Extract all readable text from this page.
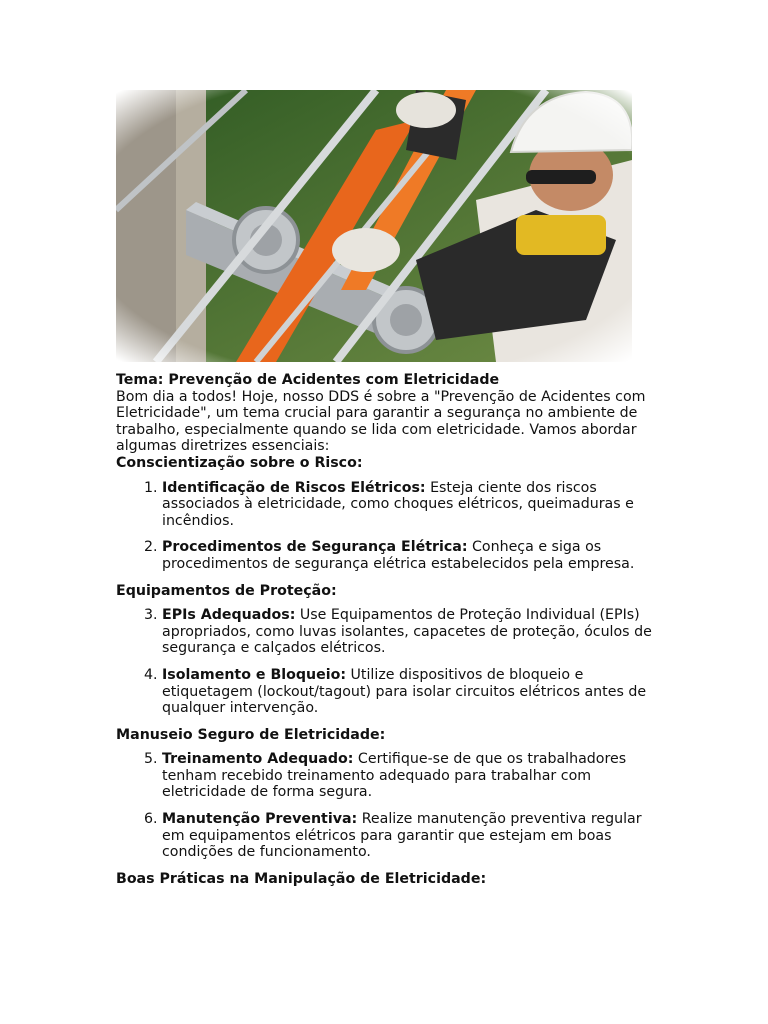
Tema: Prevenção de Acidentes com Eletricidade

Bom dia a todos! Hoje, nosso DDS é sobre a "Prevenção de Acidentes com Eletricidade", um tema crucial para garantir a segurança no ambiente de trabalho, especialmente quando se lida com eletricidade. Vamos abordar algumas diretrizes essenciais:

Conscientização sobre o Risco:

1. Identificação de Riscos Elétricos: Esteja ciente dos riscos associados à eletricidade, como choques elétricos, queimaduras e incêndios.
2. Procedimentos de Segurança Elétrica: Conheça e siga os procedimentos de segurança elétrica estabelecidos pela empresa.

Equipamentos de Proteção:

3. EPIs Adequados: Use Equipamentos de Proteção Individual (EPIs) apropriados, como luvas isolantes, capacetes de proteção, óculos de segurança e calçados elétricos.
4. Isolamento e Bloqueio: Utilize dispositivos de bloqueio e etiquetagem (lockout/tagout) para isolar circuitos elétricos antes de qualquer intervenção.

Manuseio Seguro de Eletricidade:

5. Treinamento Adequado: Certifique-se de que os trabalhadores tenham recebido treinamento adequado para trabalhar com eletricidade de forma segura.
6. Manutenção Preventiva: Realize manutenção preventiva regular em equipamentos elétricos para garantir que estejam em boas condições de funcionamento.

Boas Práticas na Manipulação de Eletricidade:
